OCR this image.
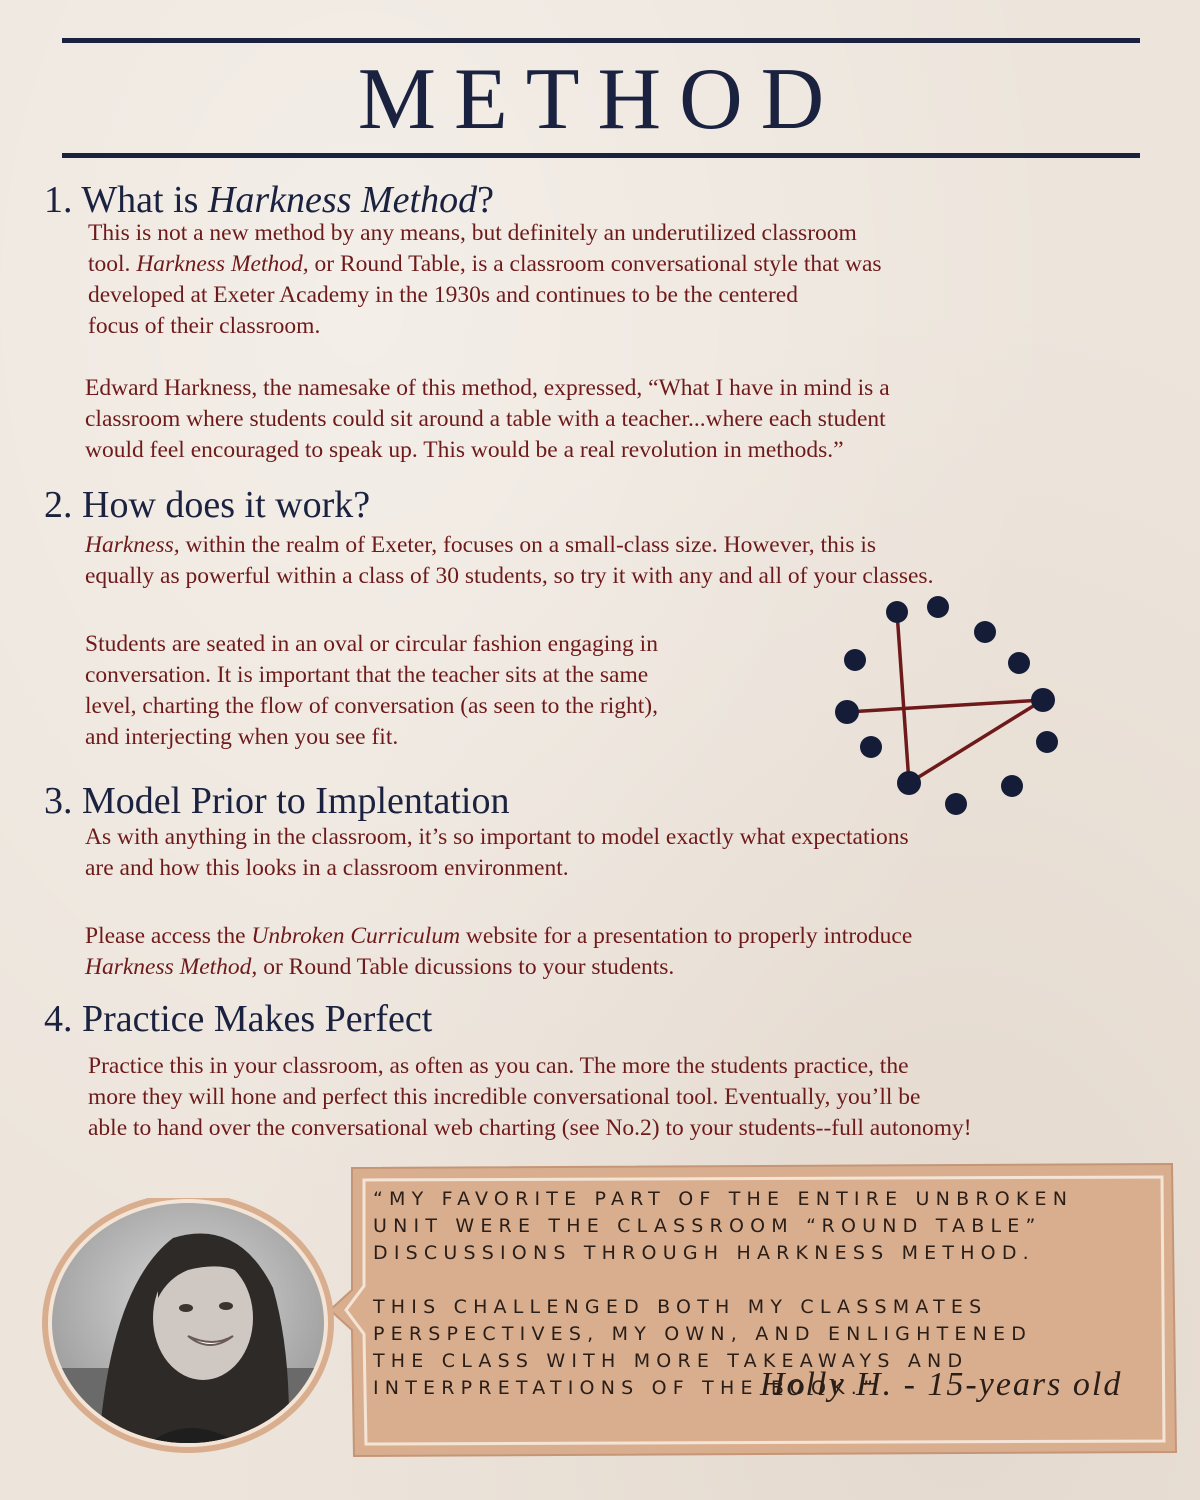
METHOD
1. What is Harkness Method?
This is not a new method by any means, but definitely an underutilized classroom
tool. Harkness Method, or Round Table, is a classroom conversational style that was
developed at Exeter Academy in the 1930s and continues to be the centered
focus of their classroom.
Edward Harkness, the namesake of this method, expressed, “What I have in mind is a
classroom where students could sit around a table with a teacher...where each student
would feel encouraged to speak up. This would be a real revolution in methods.”
2. How does it work?
Harkness, within the realm of Exeter, focuses on a small-class size. However, this is
equally as powerful within a class of 30 students, so try it with any and all of your classes.
Students are seated in an oval or circular fashion engaging in
conversation. It is important that the teacher sits at the same
level, charting the flow of conversation (as seen to the right),
and interjecting when you see fit.
3. Model Prior to Implentation
As with anything in the classroom, it’s so important to model exactly what expectations
are and how this looks in a classroom environment.
Please access the Unbroken Curriculum website for a presentation to properly introduce
Harkness Method, or Round Table dicussions to your students.
4. Practice Makes Perfect
Practice this in your classroom, as often as you can. The more the students practice, the
more they will hone and perfect this incredible conversational tool. Eventually, you’ll be
able to hand over the conversational web charting (see No.2) to your students--full autonomy!
“MY FAVORITE PART OF THE ENTIRE UNBROKEN
UNIT WERE THE CLASSROOM “ROUND TABLE”
DISCUSSIONS THROUGH HARKNESS METHOD.
THIS CHALLENGED BOTH MY CLASSMATES
PERSPECTIVES, MY OWN, AND ENLIGHTENED
THE CLASS WITH MORE TAKEAWAYS AND
INTERPRETATIONS OF THE BOOK.”
Holly H. - 15-years old
